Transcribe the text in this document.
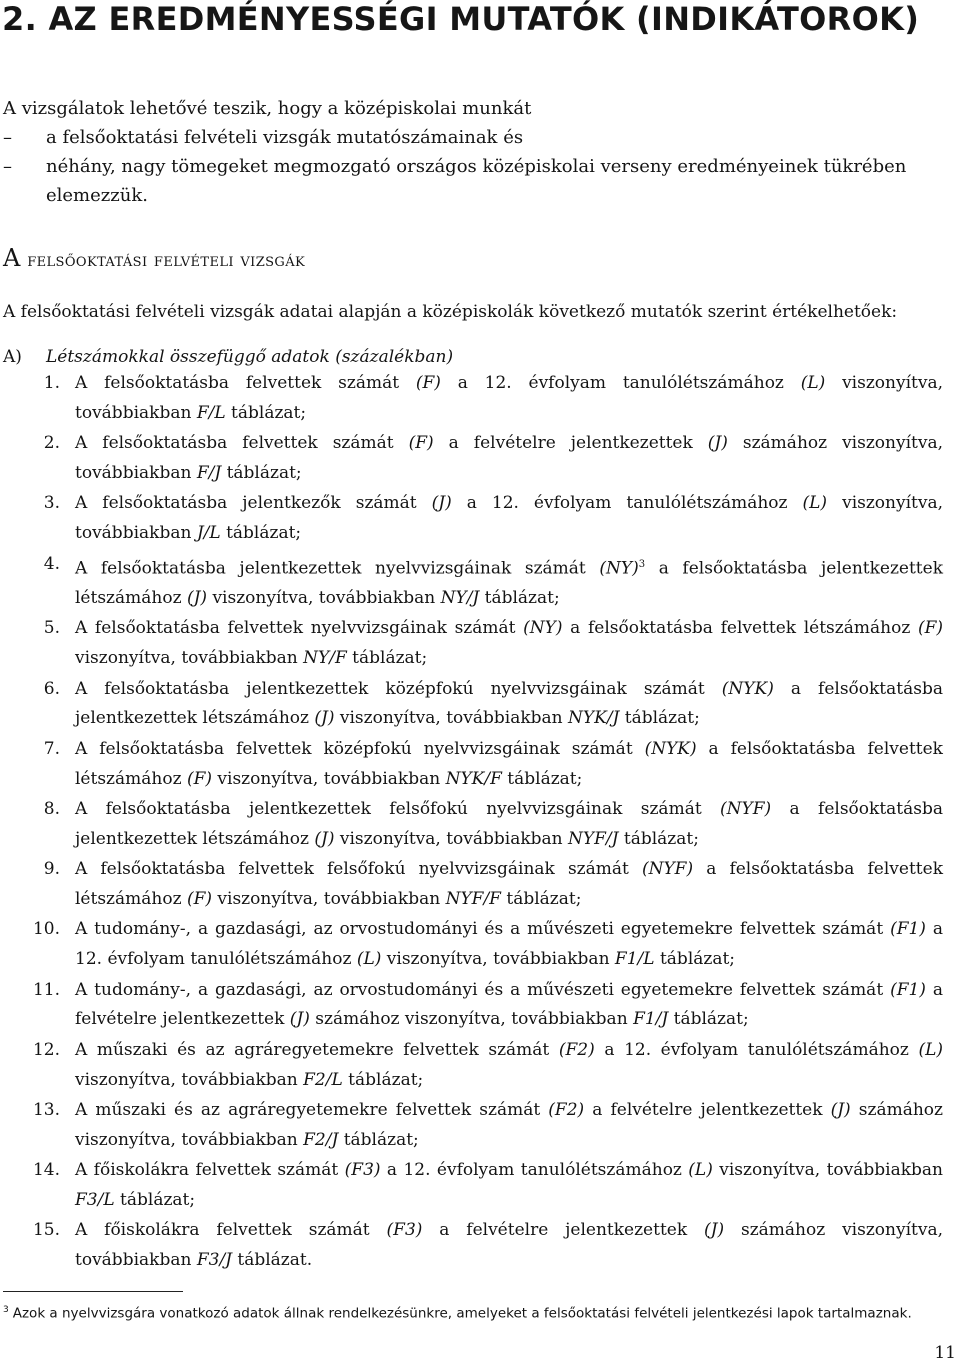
2. AZ EREDMÉNYESSÉGI MUTATÓK (INDIKÁTOROK)
A vizsgálatok lehetővé teszik, hogy a középiskolai munkát
–	a felsőoktatási felvételi vizsgák mutatószámainak és
–	néhány, nagy tömegeket megmozgató országos középiskolai verseny eredményeinek tükrében
elemezzük.
A felsőoktatási felvételi vizsgák
A felsőoktatási felvételi vizsgák adatai alapján a középiskolák következő mutatók szerint értékelhetőek:
A) Létszámokkal összefüggő adatok (százalékban)
1. A felsőoktatásba felvettek számát (F) a 12. évfolyam tanulólétszámához (L) viszonyítva, továbbiakban F/L táblázat;
2. A felsőoktatásba felvettek számát (F) a felvételre jelentkezettek (J) számához viszonyítva, továbbiakban F/J táblázat;
3. A felsőoktatásba jelentkezők számát (J) a 12. évfolyam tanulólétszámához (L) viszonyítva, továbbiakban J/L táblázat;
4. A felsőoktatásba jelentkezettek nyelvvizsgáinak számát (NY)$^3$ a felsőoktatásba jelentkezettek létszámához (J) viszonyítva, továbbiakban NY/J táblázat;
5. A felsőoktatásba felvettek nyelvvizsgáinak számát (NY) a felsőoktatásba felvettek létszámához (F) viszonyítva, továbbiakban NY/F táblázat;
6. A felsőoktatásba jelentkezettek középfokú nyelvvizsgáinak számát (NYK) a felsőoktatásba jelentkezettek létszámához (J) viszonyítva, továbbiakban NYK/J táblázat;
7. A felsőoktatásba felvettek középfokú nyelvvizsgáinak számát (NYK) a felsőoktatásba felvettek létszámához (F) viszonyítva, továbbiakban NYK/F táblázat;
8. A felsőoktatásba jelentkezettek felsőfokú nyelvvizsgáinak számát (NYF) a felsőoktatásba jelentkezettek létszámához (J) viszonyítva, továbbiakban NYF/J táblázat;
9. A felsőoktatásba felvettek felsőfokú nyelvvizsgáinak számát (NYF) a felsőoktatásba felvettek létszámához (F) viszonyítva, továbbiakban NYF/F táblázat;
10. A tudomány-, a gazdasági, az orvostudományi és a művészeti egyetemekre felvettek számát (F1) a 12. évfolyam tanulólétszámához (L) viszonyítva, továbbiakban F1/L táblázat;
11. A tudomány-, a gazdasági, az orvostudományi és a művészeti egyetemekre felvettek számát (F1) a felvételre jelentkezettek (J) számához viszonyítva, továbbiakban F1/J táblázat;
12. A műszaki és az agráregyetemekre felvettek számát (F2) a 12. évfolyam tanulólétszámához (L) viszonyítva, továbbiakban F2/L táblázat;
13. A műszaki és az agráregyetemekre felvettek számát (F2) a felvételre jelentkezettek (J) számához viszonyítva, továbbiakban F2/J táblázat;
14. A főiskolákra felvettek számát (F3) a 12. évfolyam tanulólétszámához (L) viszonyítva, továbbiakban F3/L táblázat;
15. A főiskolákra felvettek számát (F3) a felvételre jelentkezettek (J) számához viszonyítva, továbbiakban F3/J táblázat.
$^3$ Azok a nyelvvizsgára vonatkozó adatok állnak rendelkezésünkre, amelyeket a felsőoktatási felvételi jelentkezési lapok tartalmaznak.
11
